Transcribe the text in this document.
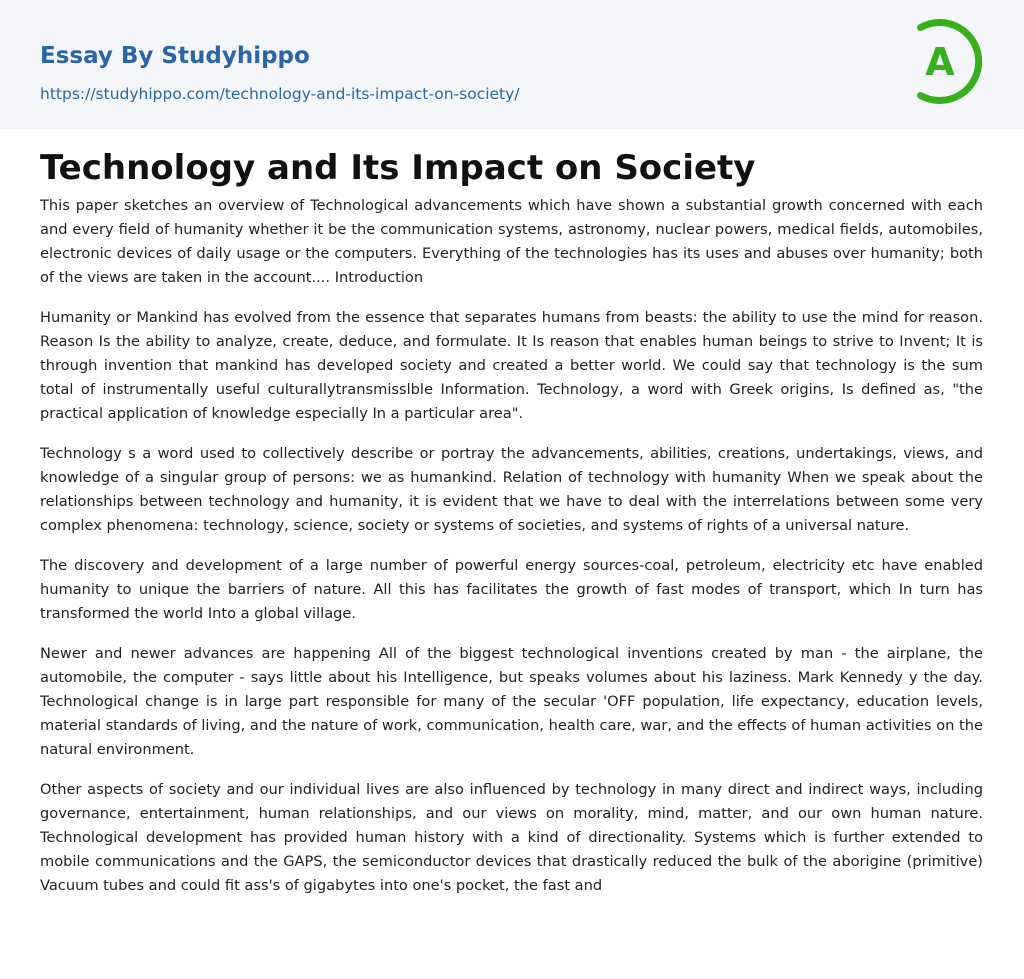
Essay By Studyhippo
https://studyhippo.com/technology-and-its-impact-on-society/
A
Technology and Its Impact on Society

This paper sketches an overview of Technological advancements which have shown a substantial growth concerned with each and every field of humanity whether it be the communication systems, astronomy, nuclear powers, medical fields, automobiles, electronic devices of daily usage or the computers. Everything of the technologies has its uses and abuses over humanity; both of the views are taken in the account.... Introduction

Humanity or Mankind has evolved from the essence that separates humans from beasts: the ability to use the mind for reason. Reason Is the ability to analyze, create, deduce, and formulate. It Is reason that enables human beings to strive to Invent; It is through invention that mankind has developed society and created a better world. We could say that technology is the sum total of instrumentally useful culturallytransmisslble Information. Technology, a word with Greek origins, Is defined as, "the practical application of knowledge especially In a particular area".

Technology s a word used to collectively describe or portray the advancements, abilities, creations, undertakings, views, and knowledge of a singular group of persons: we as humankind. Relation of technology with humanity When we speak about the relationships between technology and humanity, it is evident that we have to deal with the interrelations between some very complex phenomena: technology, science, society or systems of societies, and systems of rights of a universal nature.

The discovery and development of a large number of powerful energy sources-coal, petroleum, electricity etc have enabled humanity to unique the barriers of nature. All this has facilitates the growth of fast modes of transport, which In turn has transformed the world Into a global village.

Newer and newer advances are happening All of the biggest technological inventions created by man - the airplane, the automobile, the computer - says little about his Intelligence, but speaks volumes about his laziness. Mark Kennedy y the day. Technological change is in large part responsible for many of the secular 'OFF population, life expectancy, education levels, material standards of living, and the nature of work, communication, health care, war, and the effects of human activities on the natural environment.

Other aspects of society and our individual lives are also influenced by technology in many direct and indirect ways, including governance, entertainment, human relationships, and our views on morality, mind, matter, and our own human nature. Technological development has provided human history with a kind of directionality. Systems which is further extended to mobile communications and the GAPS, the semiconductor devices that drastically reduced the bulk of the aborigine (primitive) Vacuum tubes and could fit ass's of gigabytes into one's pocket, the fast and
